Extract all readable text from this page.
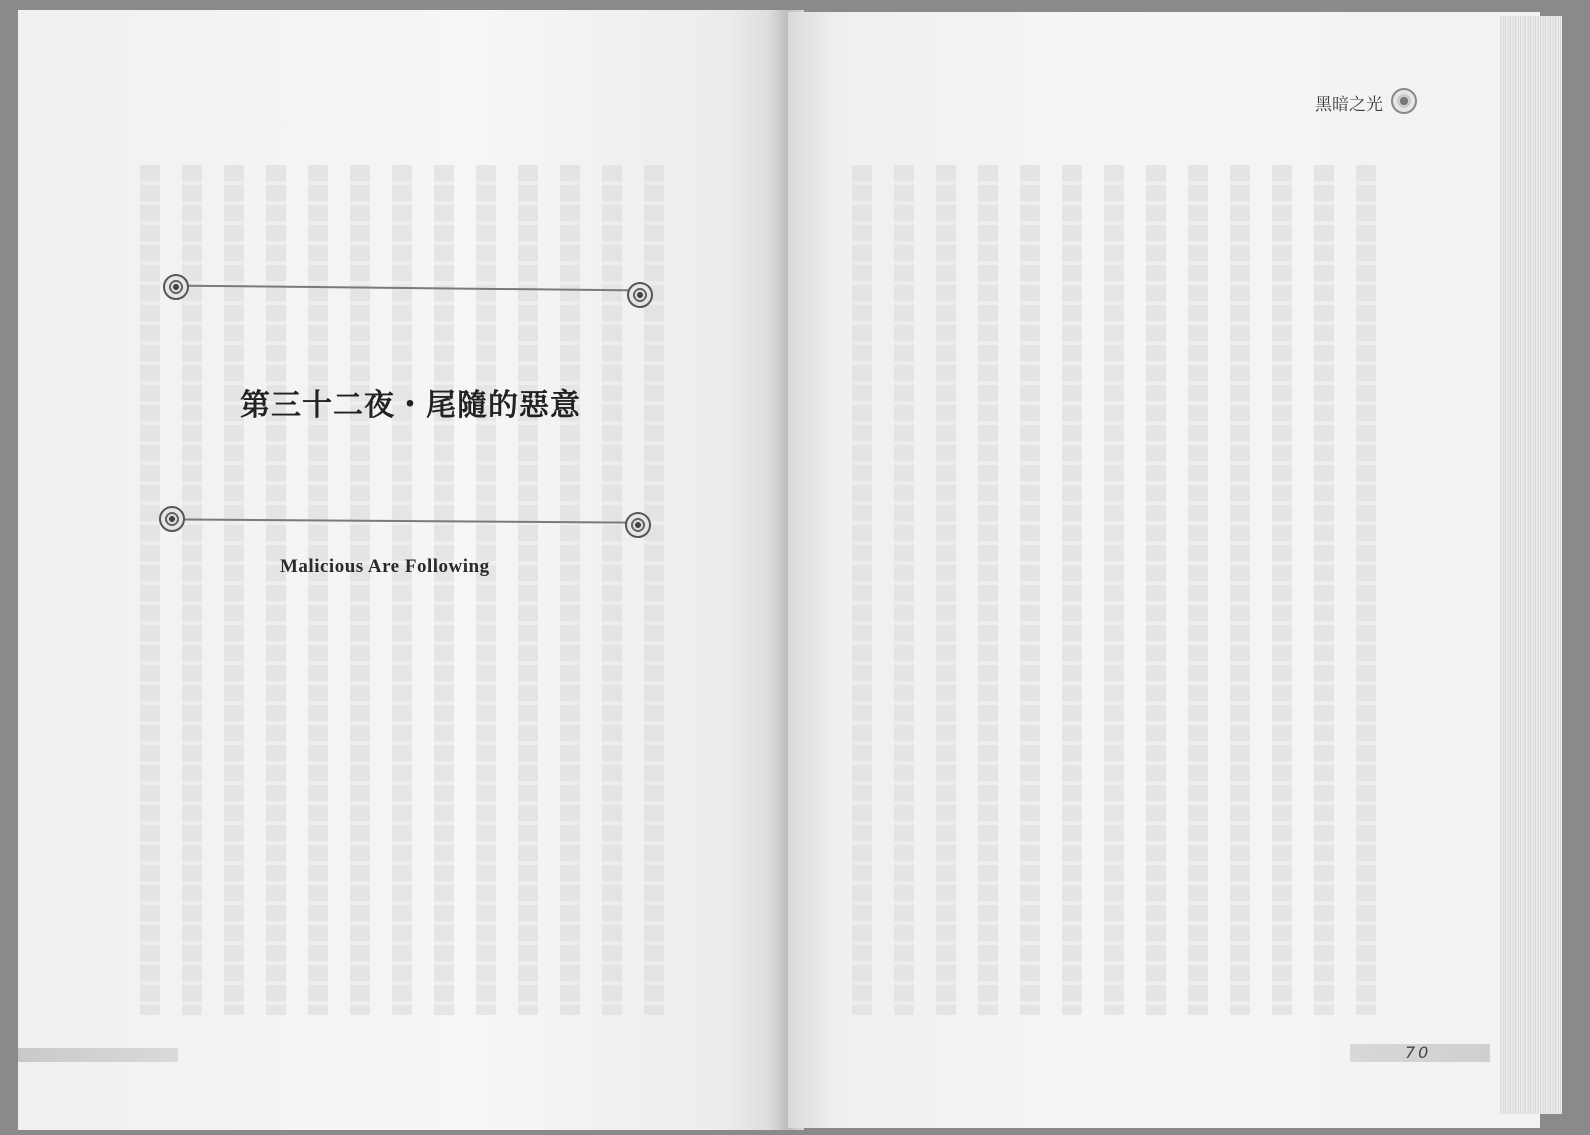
第三十二夜・尾隨的惡意
Malicious Are Following
黑暗之光
70
